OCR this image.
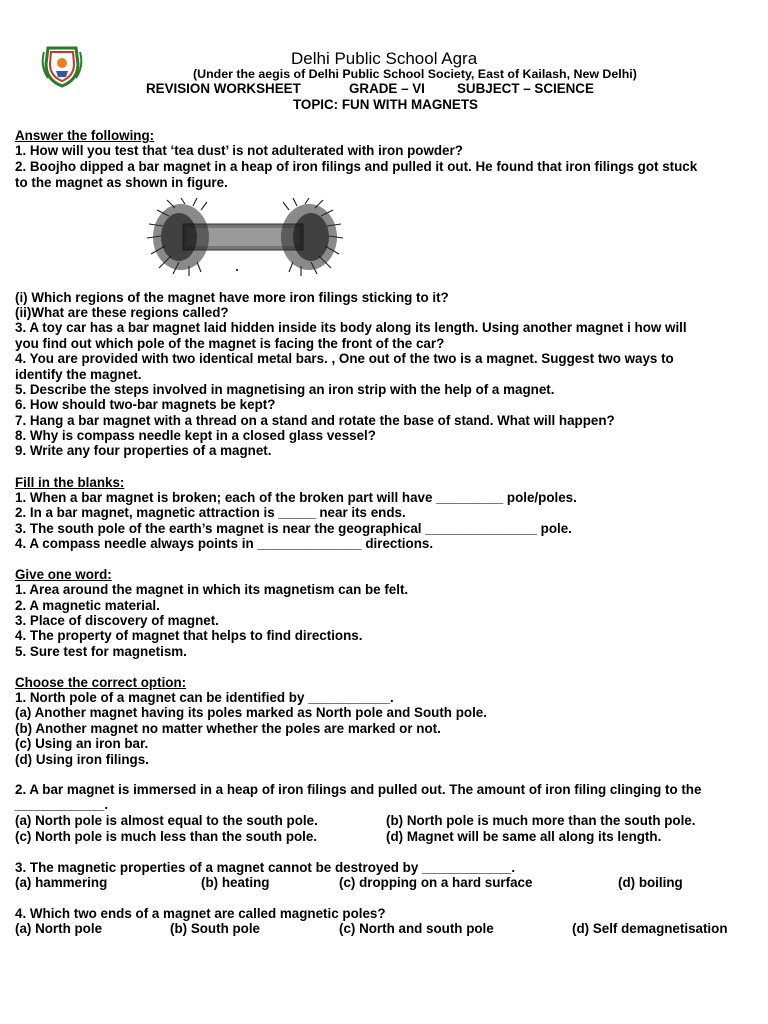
Delhi Public School Agra
(Under the aegis of Delhi Public School Society, East of Kailash, New Delhi)
REVISION WORKSHEET	GRADE – VI SUBJECT – SCIENCE
TOPIC: FUN WITH MAGNETS
Answer the following:
1. How will you test that ‘tea dust’ is not adulterated with iron powder?
2. Boojho dipped a bar magnet in a heap of iron filings and pulled it out. He found that iron filings got stuck
to the magnet as shown in figure.
(i) Which regions of the magnet have more iron filings sticking to it?
(ii)What are these regions called?
3. A toy car has a bar magnet laid hidden inside its body along its length. Using another magnet i how will
you find out which pole of the magnet is facing the front of the car?
4. You are provided with two identical metal bars. , One out of the two is a magnet. Suggest two ways to
identify the magnet.
5. Describe the steps involved in magnetising an iron strip with the help of a magnet.
6. How should two-bar magnets be kept?
7. Hang a bar magnet with a thread on a stand and rotate the base of stand. What will happen?
8. Why is compass needle kept in a closed glass vessel?
9. Write any four properties of a magnet.
Fill in the blanks:
1. When a bar magnet is broken; each of the broken part will have _________ pole/poles.
2. In a bar magnet, magnetic attraction is _____ near its ends.
3. The south pole of the earth’s magnet is near the geographical _______________ pole.
4. A compass needle always points in ______________ directions.
Give one word:
1. Area around the magnet in which its magnetism can be felt.
2. A magnetic material.
3. Place of discovery of magnet.
4. The property of magnet that helps to find directions.
5. Sure test for magnetism.
Choose the correct option:
1. North pole of a magnet can be identified by ___________.
(a) Another magnet having its poles marked as North pole and South pole.
(b) Another magnet no matter whether the poles are marked or not.
(c) Using an iron bar.
(d) Using iron filings.
2. A bar magnet is immersed in a heap of iron filings and pulled out. The amount of iron filing clinging to the
____________.
(a) North pole is almost equal to the south pole.	(b) North pole is much more than the south pole.
(c) North pole is much less than the south pole.	(d) Magnet will be same all along its length.
3. The magnetic properties of a magnet cannot be destroyed by ____________.
(a) hammering	(b) heating	(c) dropping on a hard surface	(d) boiling
4. Which two ends of a magnet are called magnetic poles?
(a) North pole	(b) South pole	(c) North and south pole	(d) Self demagnetisation
